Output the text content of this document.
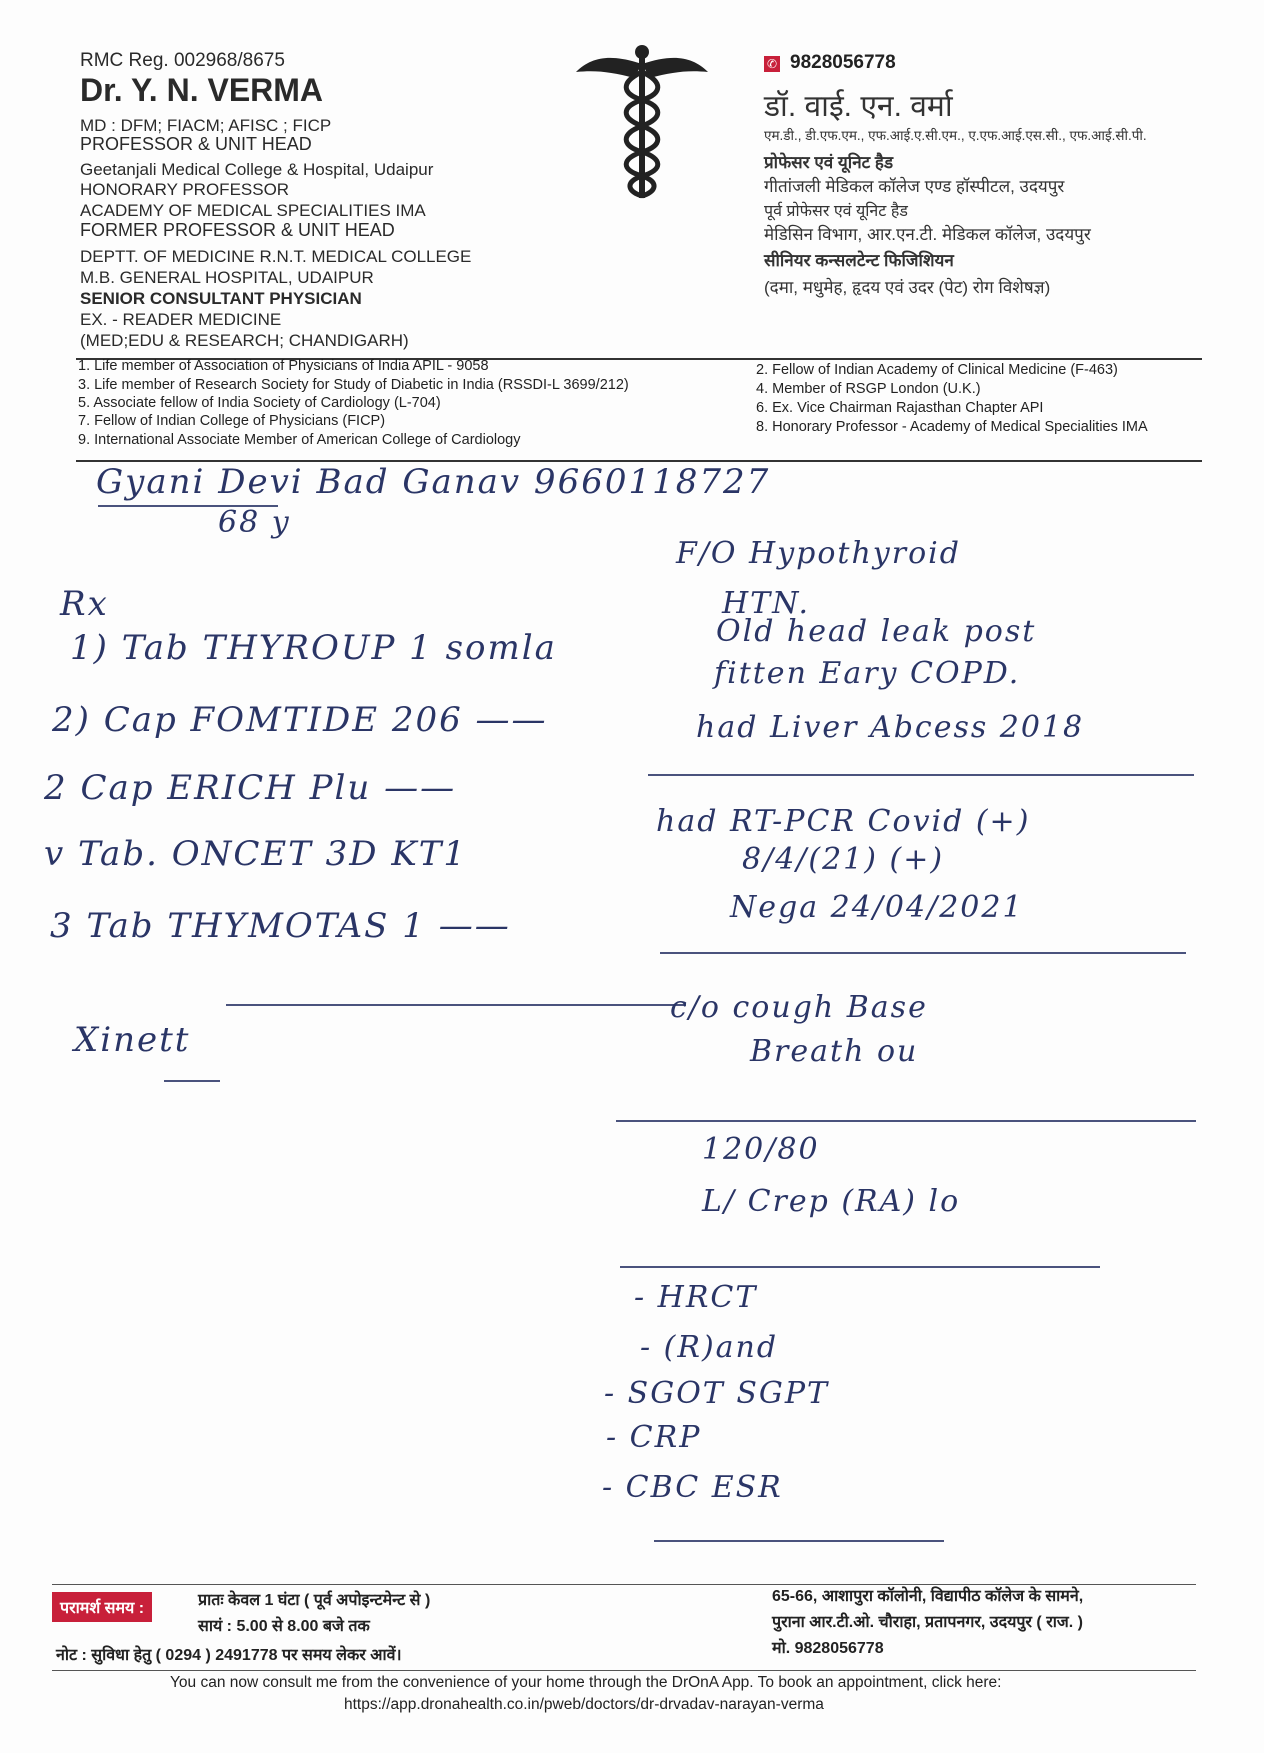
RMC Reg. 002968/8675
Dr. Y. N. VERMA
MD : DFM; FIACM; AFISC ; FICP
PROFESSOR & UNIT HEAD
Geetanjali Medical College & Hospital, Udaipur
HONORARY PROFESSOR
ACADEMY OF MEDICAL SPECIALITIES IMA
FORMER PROFESSOR & UNIT HEAD
DEPTT. OF MEDICINE R.N.T. MEDICAL COLLEGE
M.B. GENERAL HOSPITAL, UDAIPUR
SENIOR CONSULTANT PHYSICIAN
EX. - READER MEDICINE
(MED;EDU & RESEARCH; CHANDIGARH)
✆ 9828056778
डॉ. वाई. एन. वर्मा
एम.डी., डी.एफ.एम., एफ.आई.ए.सी.एम., ए.एफ.आई.एस.सी., एफ.आई.सी.पी.
प्रोफेसर एवं यूनिट हैड
गीतांजली मेडिकल कॉलेज एण्ड हॉस्पीटल, उदयपुर
पूर्व प्रोफेसर एवं यूनिट हैड
मेडिसिन विभाग, आर.एन.टी. मेडिकल कॉलेज, उदयपुर
सीनियर कन्सलटेन्ट फिजिशियन
(दमा, मधुमेह, हृदय एवं उदर (पेट) रोग विशेषज्ञ)
1. Life member of Association of Physicians of India APIL - 9058
3. Life member of Research Society for Study of Diabetic in India (RSSDI-L 3699/212)
5. Associate fellow of India Society of Cardiology (L-704)
7. Fellow of Indian College of Physicians (FICP)
9. International Associate Member of American College of Cardiology
2. Fellow of Indian Academy of Clinical Medicine (F-463)
4. Member of RSGP London (U.K.)
6. Ex. Vice Chairman Rajasthan Chapter API
8. Honorary Professor - Academy of Medical Specialities IMA
Gyani Devi Bad Ganav 9660118727
68 y
Rx
1) Tab THYROUP 1 somla
2) Cap FOMTIDE 206 ——
2 Cap ERICH Plu ——
v Tab. ONCET 3D KT1
3 Tab THYMOTAS 1 ——
Xinett
F/O Hypothyroid
HTN.
Old head leak post
fitten Eary COPD.
had Liver Abcess 2018
had RT-PCR Covid (+)
8/4/(21) (+)
Nega 24/04/2021
c/o cough Base
Breath ou
120/80
L/ Crep (RA) lo
- HRCT
- (R)and
- SGOT SGPT
- CRP
- CBC ESR
परामर्श समय :	प्रातः केवल 1 घंटा ( पूर्व अपोइन्टमेन्ट से )
सायं : 5.00 से 8.00 बजे तक
नोट : सुविधा हेतु ( 0294 ) 2491778 पर समय लेकर आवें।
65-66, आशापुरा कॉलोनी, विद्यापीठ कॉलेज के सामने,
पुराना आर.टी.ओ. चौराहा, प्रतापनगर, उदयपुर ( राज. )
मो. 9828056778
You can now consult me from the convenience of your home through the DrOnA App. To book an appointment, click here:
https://app.dronahealth.co.in/pweb/doctors/dr-drvadav-narayan-verma
